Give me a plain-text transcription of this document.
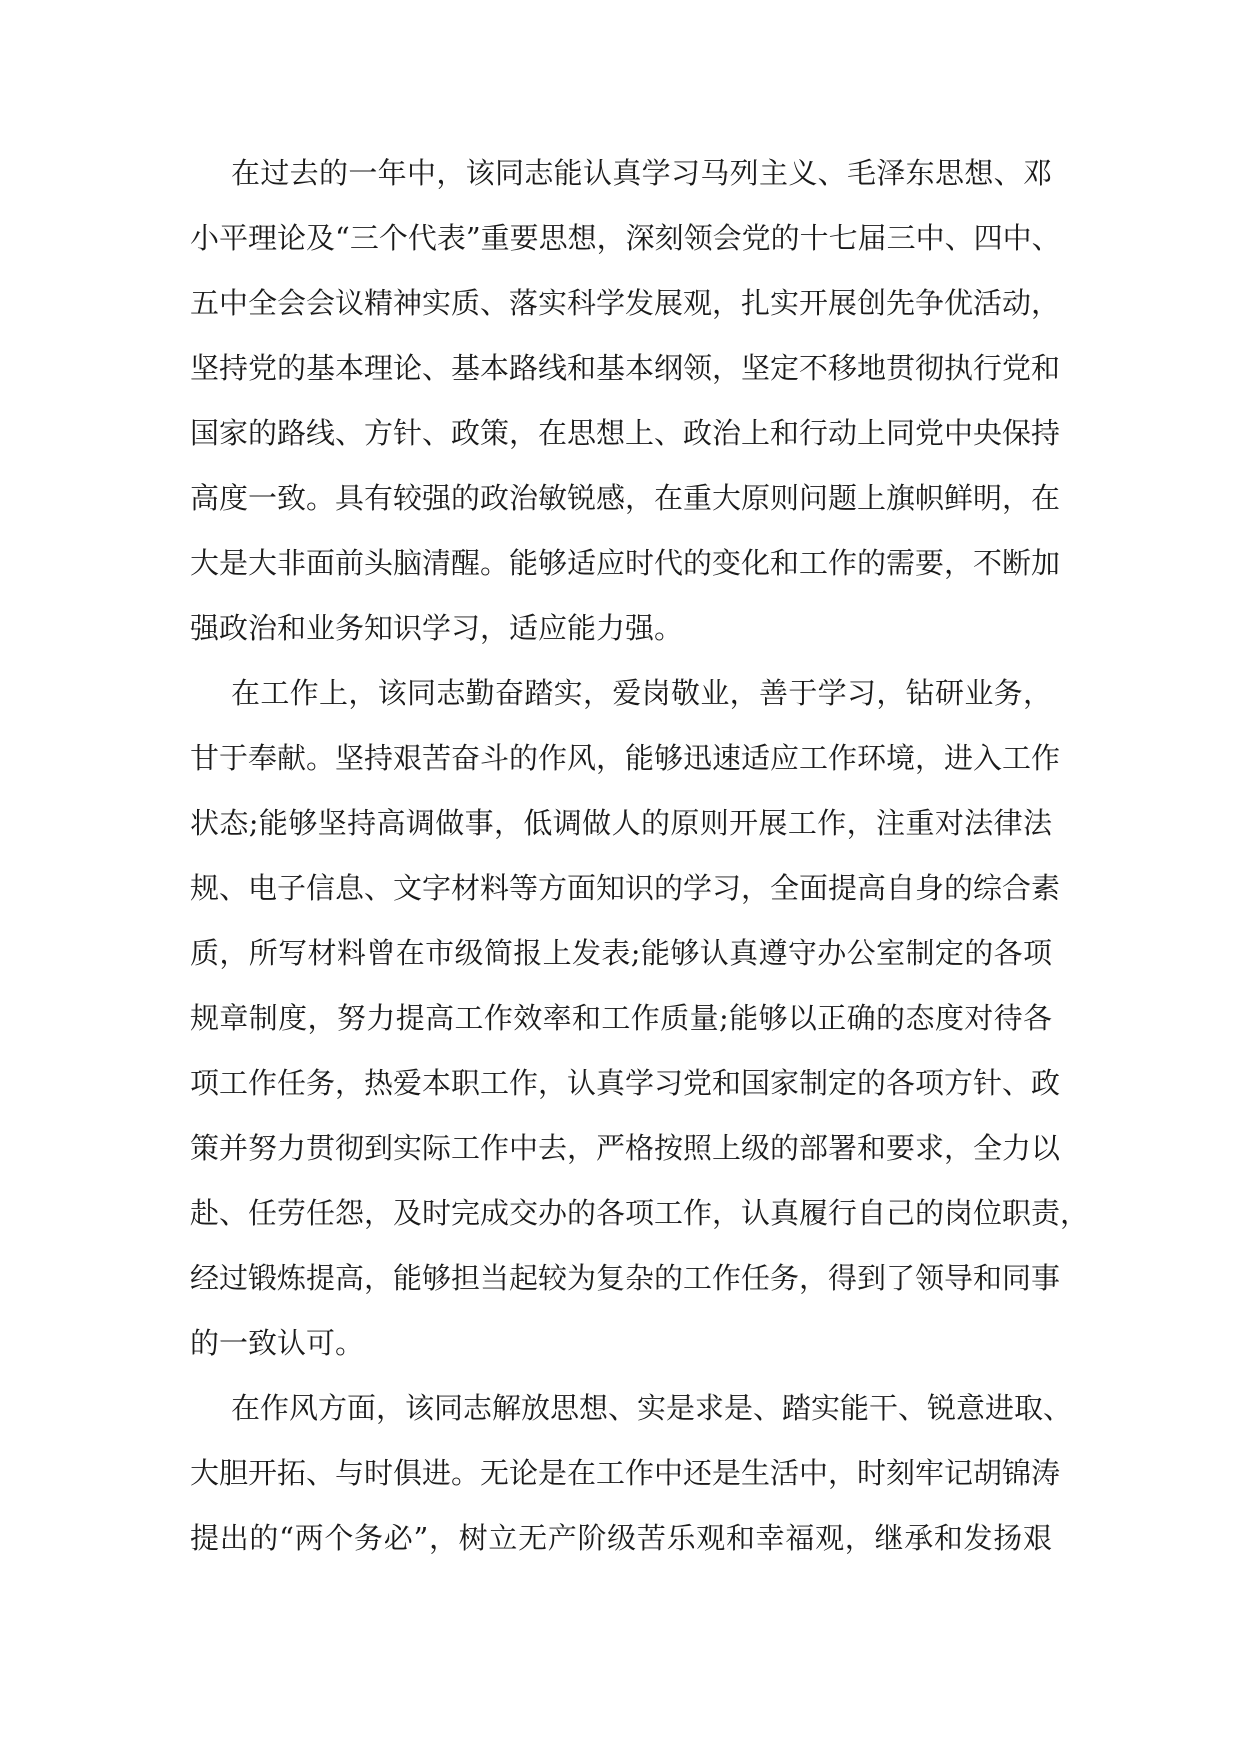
在过去的一年中，该同志能认真学习马列主义、毛泽东思想、邓
小平理论及“三个代表”重要思想，深刻领会党的十七届三中、四中、
五中全会会议精神实质、落实科学发展观，扎实开展创先争优活动，
坚持党的基本理论、基本路线和基本纲领，坚定不移地贯彻执行党和
国家的路线、方针、政策，在思想上、政治上和行动上同党中央保持
高度一致。具有较强的政治敏锐感，在重大原则问题上旗帜鲜明，在
大是大非面前头脑清醒。能够适应时代的变化和工作的需要，不断加
强政治和业务知识学习，适应能力强。
在工作上，该同志勤奋踏实，爱岗敬业，善于学习，钻研业务，
甘于奉献。坚持艰苦奋斗的作风，能够迅速适应工作环境，进入工作
状态;能够坚持高调做事，低调做人的原则开展工作，注重对法律法
规、电子信息、文字材料等方面知识的学习，全面提高自身的综合素
质，所写材料曾在市级简报上发表;能够认真遵守办公室制定的各项
规章制度，努力提高工作效率和工作质量;能够以正确的态度对待各
项工作任务，热爱本职工作，认真学习党和国家制定的各项方针、政
策并努力贯彻到实际工作中去，严格按照上级的部署和要求，全力以
赴、任劳任怨，及时完成交办的各项工作，认真履行自己的岗位职责，
经过锻炼提高，能够担当起较为复杂的工作任务，得到了领导和同事
的一致认可。
在作风方面，该同志解放思想、实是求是、踏实能干、锐意进取、
大胆开拓、与时俱进。无论是在工作中还是生活中，时刻牢记胡锦涛
提出的“两个务必”，树立无产阶级苦乐观和幸福观，继承和发扬艰
